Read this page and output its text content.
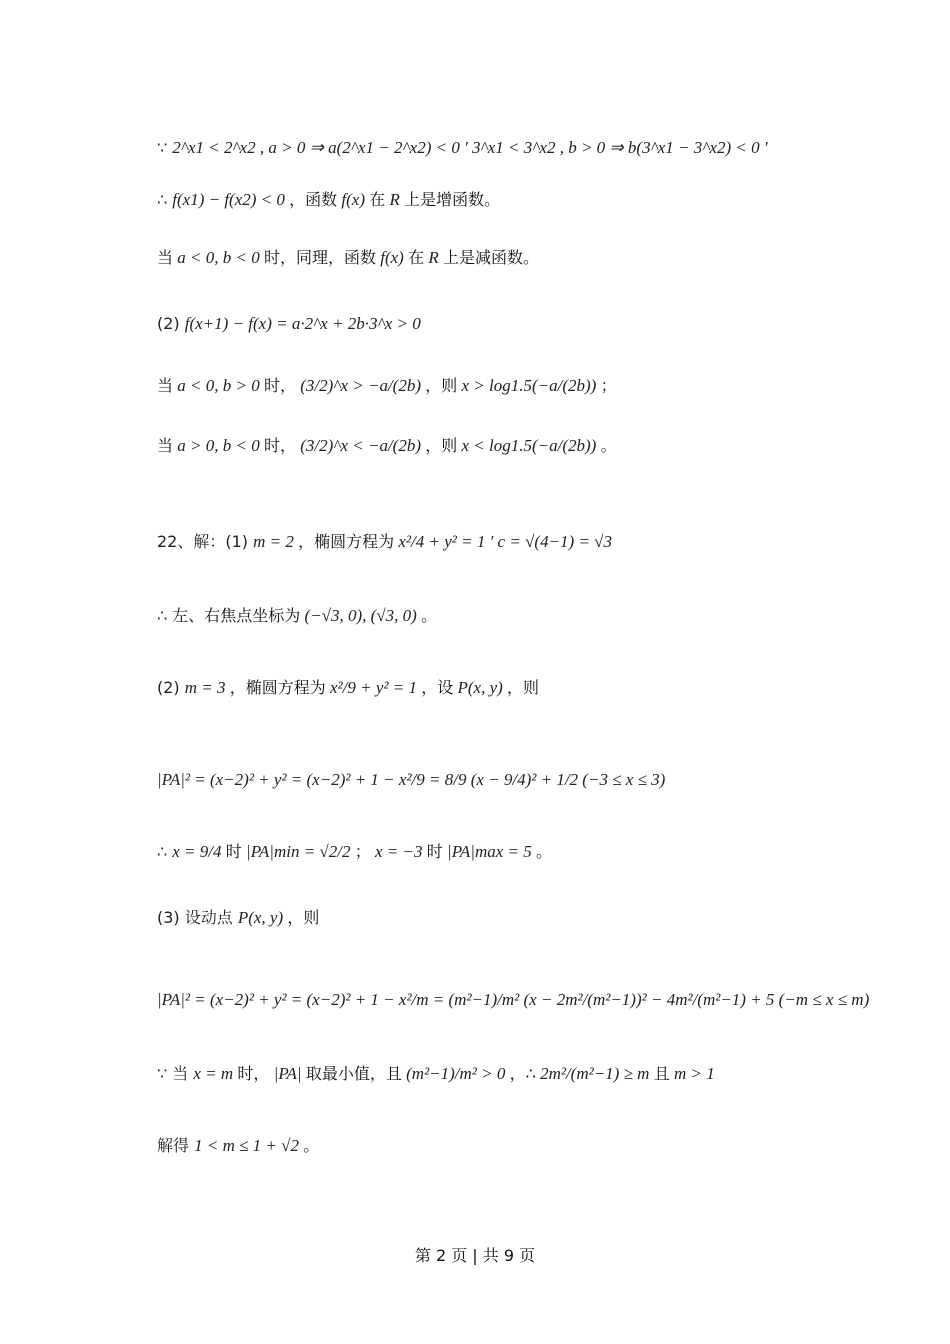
∵ 2^x1 < 2^x2 , a > 0 ⇒ a(2^x1 − 2^x2) < 0 ′ 3^x1 < 3^x2 , b > 0 ⇒ b(3^x1 − 3^x2) < 0 ′
∴ f(x1) − f(x2) < 0 ，函数 f(x) 在 R 上是增函数。
当 a < 0, b < 0 时，同理，函数 f(x) 在 R 上是减函数。
(2) f(x+1) − f(x) = a·2^x + 2b·3^x > 0
当 a < 0, b > 0 时， (3/2)^x > −a/(2b) ，则 x > log1.5(−a/(2b)) ；
当 a > 0, b < 0 时， (3/2)^x < −a/(2b) ，则 x < log1.5(−a/(2b)) 。
22、解：(1) m = 2 ，椭圆方程为 x²/4 + y² = 1 ′ c = √(4−1) = √3
∴ 左、右焦点坐标为 (−√3, 0), (√3, 0) 。
(2) m = 3 ，椭圆方程为 x²/9 + y² = 1 ，设 P(x, y) ，则
|PA|² = (x−2)² + y² = (x−2)² + 1 − x²/9 = 8/9 (x − 9/4)² + 1/2 (−3 ≤ x ≤ 3)
∴ x = 9/4 时 |PA|min = √2/2 ； x = −3 时 |PA|max = 5 。
(3) 设动点 P(x, y) ，则
|PA|² = (x−2)² + y² = (x−2)² + 1 − x²/m = (m²−1)/m² (x − 2m²/(m²−1))² − 4m²/(m²−1) + 5 (−m ≤ x ≤ m)
∵ 当 x = m 时， |PA| 取最小值，且 (m²−1)/m² > 0 ，∴ 2m²/(m²−1) ≥ m 且 m > 1
解得 1 < m ≤ 1 + √2 。
第 2 页 | 共 9 页
